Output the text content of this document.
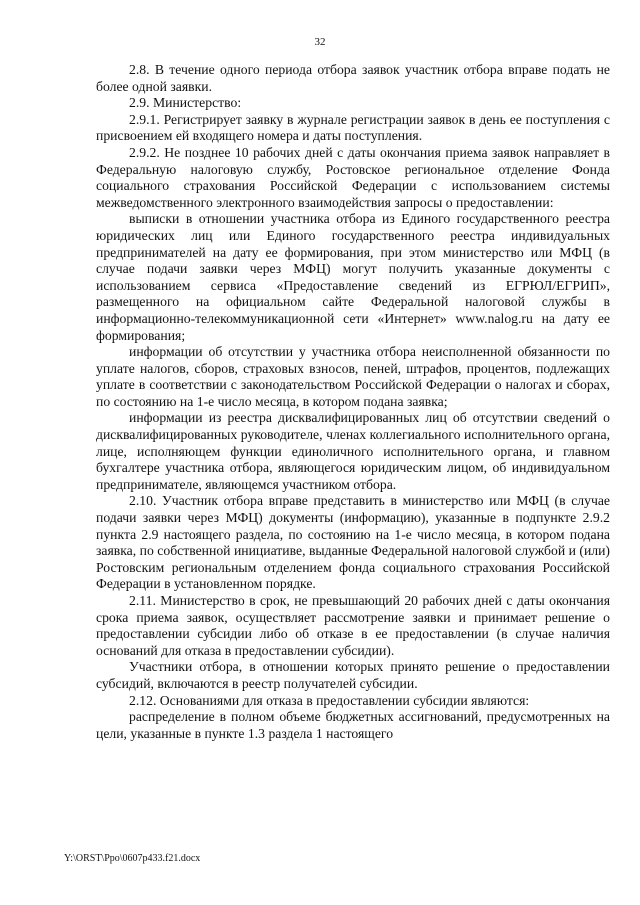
32

2.8. В течение одного периода отбора заявок участник отбора вправе подать не более одной заявки.

2.9. Министерство:

2.9.1. Регистрирует заявку в журнале регистрации заявок в день ее поступления с присвоением ей входящего номера и даты поступления.

2.9.2. Не позднее 10 рабочих дней с даты окончания приема заявок направляет в Федеральную налоговую службу, Ростовское региональное отделение Фонда социального страхования Российской Федерации с использованием системы межведомственного электронного взаимодействия запросы о предоставлении:

выписки в отношении участника отбора из Единого государственного реестра юридических лиц или Единого государственного реестра индивидуальных предпринимателей на дату ее формирования, при этом министерство или МФЦ (в случае подачи заявки через МФЦ) могут получить указанные документы с использованием сервиса «Предоставление сведений из ЕГРЮЛ/ЕГРИП», размещенного на официальном сайте Федеральной налоговой службы в информационно-телекоммуникационной сети «Интернет» www.nalog.ru на дату ее формирования;

информации об отсутствии у участника отбора неисполненной обязанности по уплате налогов, сборов, страховых взносов, пеней, штрафов, процентов, подлежащих уплате в соответствии с законодательством Российской Федерации о налогах и сборах, по состоянию на 1-е число месяца, в котором подана заявка;

информации из реестра дисквалифицированных лиц об отсутствии сведений о дисквалифицированных руководителе, членах коллегиального исполнительного органа, лице, исполняющем функции единоличного исполнительного органа, и главном бухгалтере участника отбора, являющегося юридическим лицом, об индивидуальном предпринимателе, являющемся участником отбора.

2.10. Участник отбора вправе представить в министерство или МФЦ (в случае подачи заявки через МФЦ) документы (информацию), указанные в подпункте 2.9.2 пункта 2.9 настоящего раздела, по состоянию на 1-е число месяца, в котором подана заявка, по собственной инициативе, выданные Федеральной налоговой службой и (или) Ростовским региональным отделением фонда социального страхования Российской Федерации в установленном порядке.

2.11. Министерство в срок, не превышающий 20 рабочих дней с даты окончания срока приема заявок, осуществляет рассмотрение заявки и принимает решение о предоставлении субсидии либо об отказе в ее предоставлении (в случае наличия оснований для отказа в предоставлении субсидии).

Участники отбора, в отношении которых принято решение о предоставлении субсидий, включаются в реестр получателей субсидии.

2.12. Основаниями для отказа в предоставлении субсидии являются:

распределение в полном объеме бюджетных ассигнований, предусмотренных на цели, указанные в пункте 1.3 раздела 1 настоящего

Y:\ORST\Ppo\0607p433.f21.docx
